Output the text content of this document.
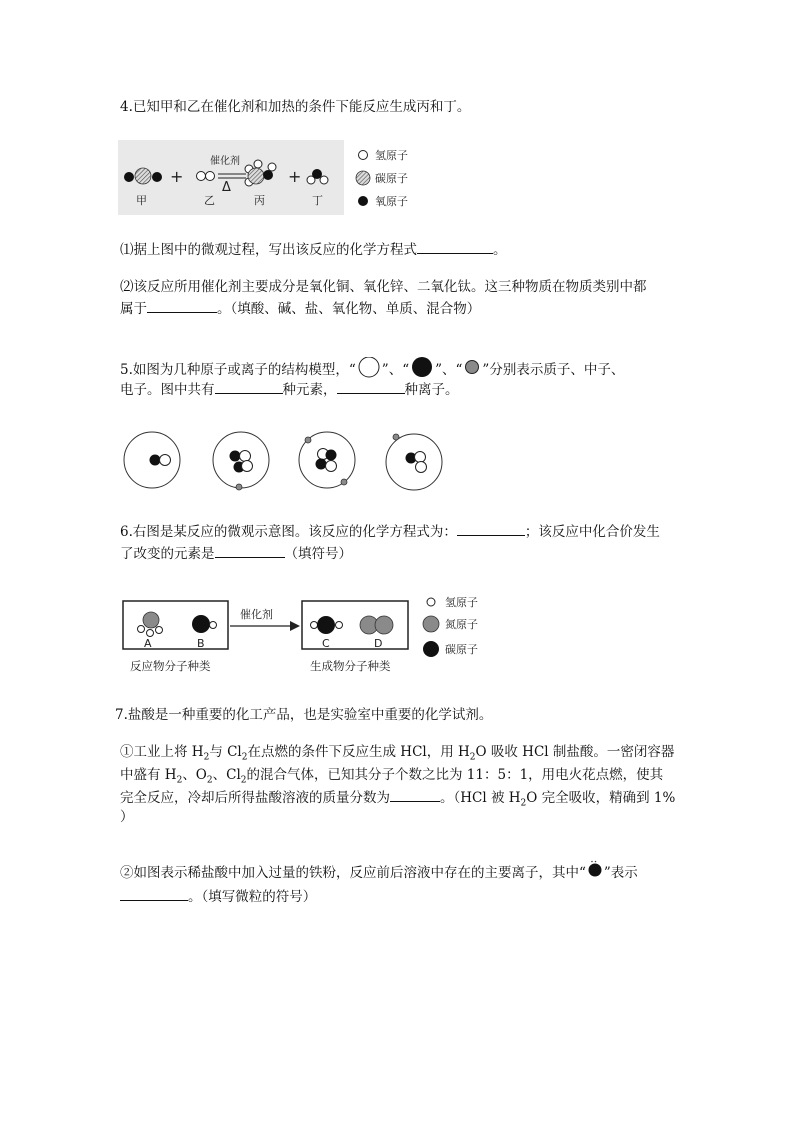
4.已知甲和乙在催化剂和加热的条件下能反应生成丙和丁。
甲
+
乙
催化剂
Δ
丙
+
丁
氢原子
碳原子
氧原子
⑴据上图中的微观过程，写出该反应的化学方程式	。
⑵该反应所用催化剂主要成分是氧化铜、氧化锌、二氧化钛。这三种物质在物质类别中都
属于	。（填酸、碱、盐、氧化物、单质、混合物）
5.如图为几种原子或离子的结构模型，“ ”、“ ”、“ ”分别表示质子、中子、
电子。图中共有	种元素，	种离子。
6.右图是某反应的微观示意图。该反应的化学方程式为：	；该反应中化合价发生
了改变的元素是	（填符号）
A	B
催化剂
C	D
反应物分子种类	生成物分子种类
氢原子
氮原子
碳原子
7.盐酸是一种重要的化工产品，也是实验室中重要的化学试剂。
①工业上将 $H_2$与 $Cl_2$在点燃的条件下反应生成 HCl，用 $H_2O$ 吸收 HCl 制盐酸。一密闭容器
中盛有 $H_2$、$O_2$、$Cl_2$的混合气体，已知其分子个数之比为 11：5：1，用电火花点燃，使其
完全反应，冷却后所得盐酸溶液的质量分数为	。（HCl 被 $H_2O$ 完全吸收，精确到 1%
）
②如图表示稀盐酸中加入过量的铁粉，反应前后溶液中存在的主要离子，其中“ ”表示
。（填写微粒的符号）
